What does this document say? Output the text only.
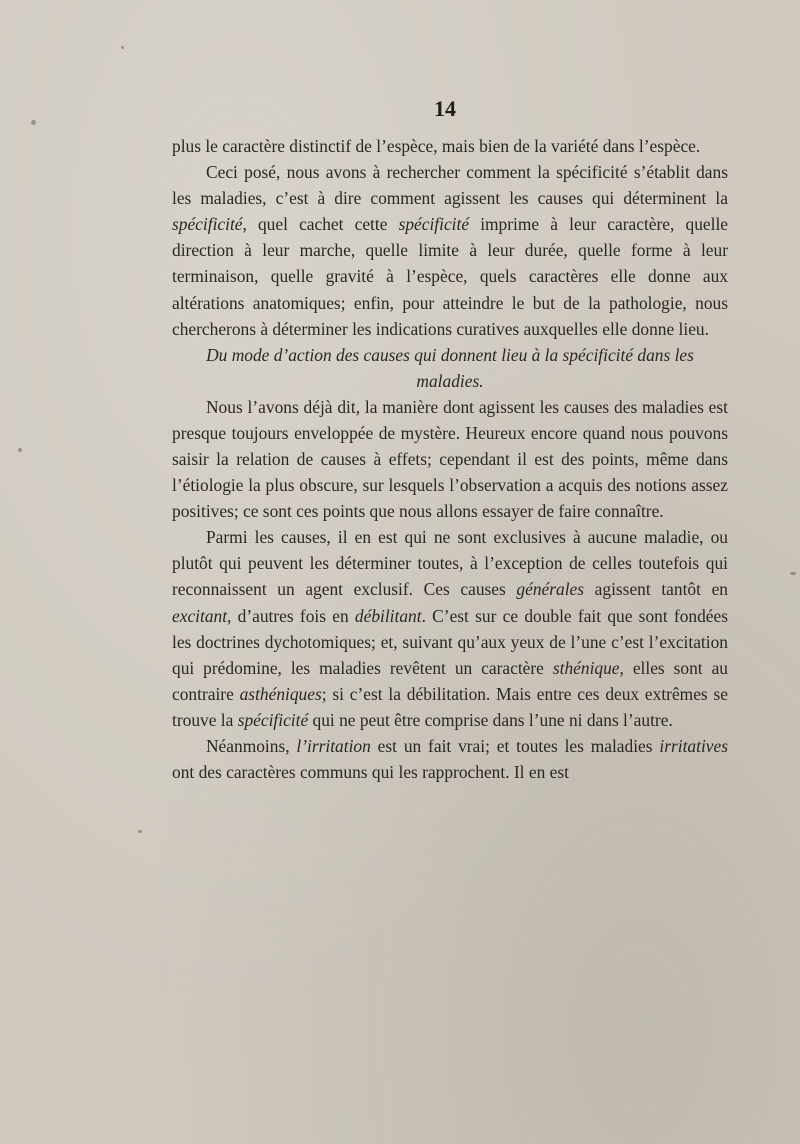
14

plus le caractère distinctif de l’espèce, mais bien de la variété dans l’espèce.

Ceci posé, nous avons à rechercher comment la spécificité s’établit dans les maladies, c’est à dire comment agissent les causes qui déterminent la spécificité, quel cachet cette spécificité imprime à leur caractère, quelle direction à leur marche, quelle limite à leur durée, quelle forme à leur terminaison, quelle gravité à l’espèce, quels caractères elle donne aux altérations anatomiques; enfin, pour atteindre le but de la pathologie, nous chercherons à déterminer les indications curatives auxquelles elle donne lieu.

Du mode d’action des causes qui donnent lieu à la spécificité dans les maladies.

Nous l’avons déjà dit, la manière dont agissent les causes des maladies est presque toujours enveloppée de mystère. Heureux encore quand nous pouvons saisir la relation de causes à effets; cependant il est des points, même dans l’étiologie la plus obscure, sur lesquels l’observation a acquis des notions assez positives; ce sont ces points que nous allons essayer de faire connaître.

Parmi les causes, il en est qui ne sont exclusives à aucune maladie, ou plutôt qui peuvent les déterminer toutes, à l’exception de celles toutefois qui reconnaissent un agent exclusif. Ces causes générales agissent tantôt en excitant, d’autres fois en débilitant. C’est sur ce double fait que sont fondées les doctrines dychotomiques; et, suivant qu’aux yeux de l’une c’est l’excitation qui prédomine, les maladies revêtent un caractère sthénique, elles sont au contraire asthéniques; si c’est la débilitation. Mais entre ces deux extrêmes se trouve la spécificité qui ne peut être comprise dans l’une ni dans l’autre.

Néanmoins, l’irritation est un fait vrai; et toutes les maladies irritatives ont des caractères communs qui les rapprochent. Il en est
